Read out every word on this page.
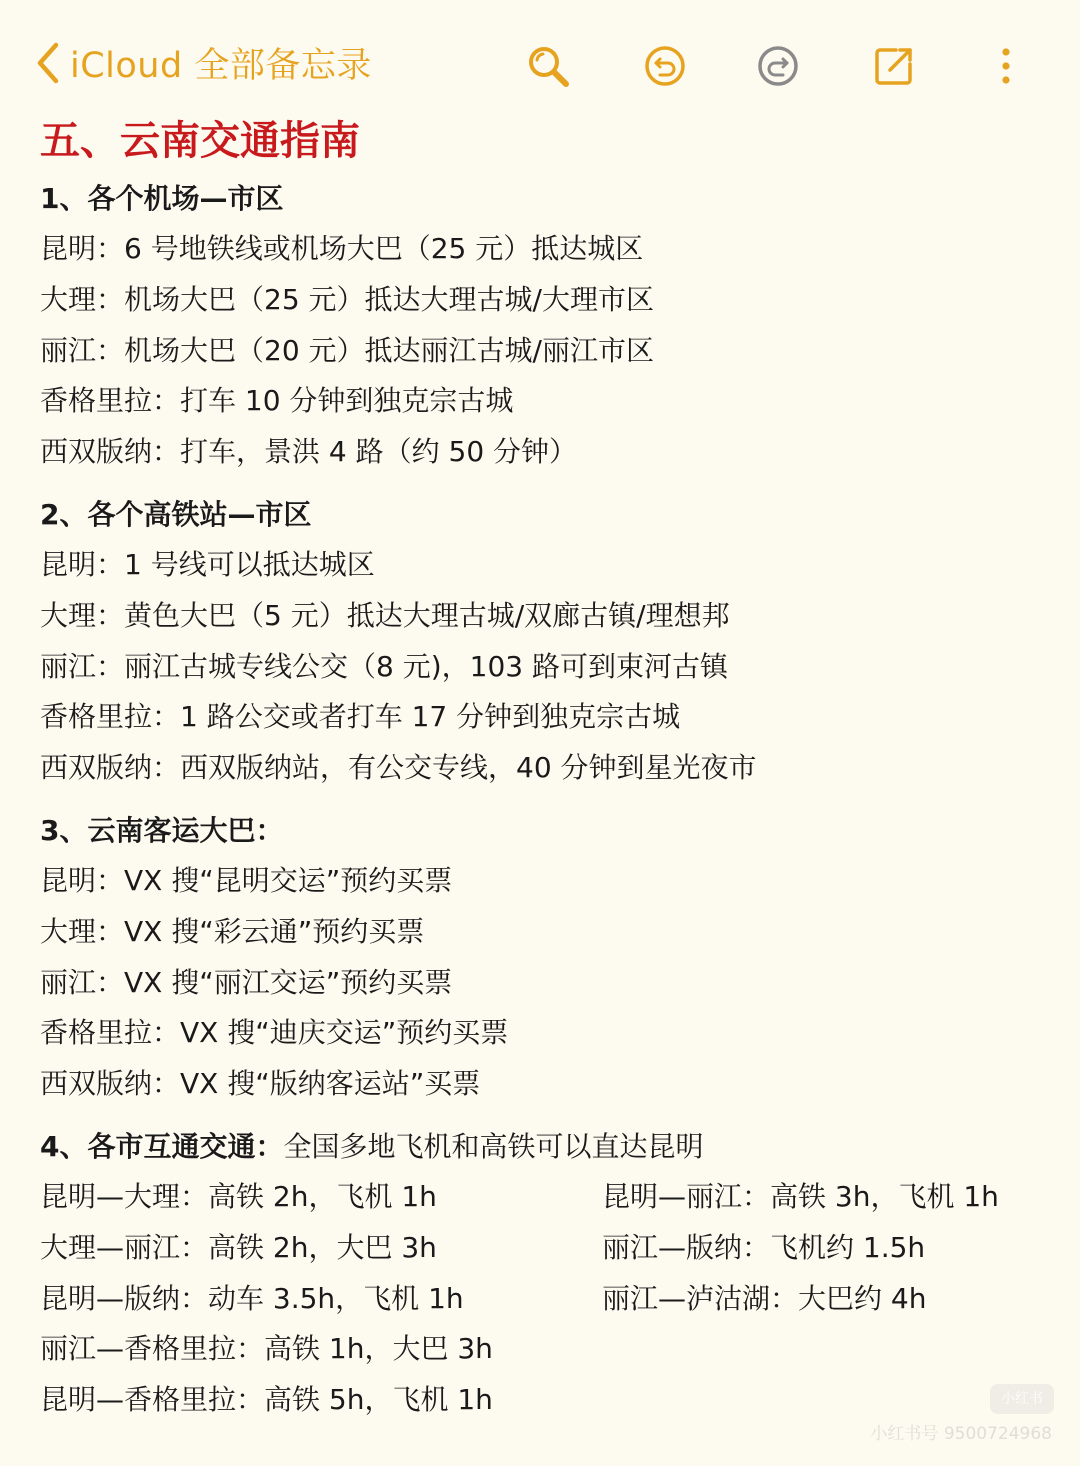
iCloud 全部备忘录
五、云南交通指南
1、各个机场—市区
昆明：6 号地铁线或机场大巴（25 元）抵达城区
大理：机场大巴（25 元）抵达大理古城/大理市区
丽江：机场大巴（20 元）抵达丽江古城/丽江市区
香格里拉：打车 10 分钟到独克宗古城
西双版纳：打车，景洪 4 路（约 50 分钟）
2、各个高铁站—市区
昆明：1 号线可以抵达城区
大理：黄色大巴（5 元）抵达大理古城/双廊古镇/理想邦
丽江：丽江古城专线公交（8 元)，103 路可到束河古镇
香格里拉：1 路公交或者打车 17 分钟到独克宗古城
西双版纳：西双版纳站，有公交专线，40 分钟到星光夜市
3、云南客运大巴：
昆明：VX 搜“昆明交运”预约买票
大理：VX 搜“彩云通”预约买票
丽江：VX 搜“丽江交运”预约买票
香格里拉：VX 搜“迪庆交运”预约买票
西双版纳：VX 搜“版纳客运站”买票
4、各市互通交通：全国多地飞机和高铁可以直达昆明
昆明—大理：高铁 2h，飞机 1h
大理—丽江：高铁 2h，大巴 3h
昆明—版纳：动车 3.5h，飞机 1h
昆明—丽江：高铁 3h，飞机 1h
丽江—版纳：飞机约 1.5h
丽江—泸沽湖：大巴约 4h
丽江—香格里拉：高铁 1h，大巴 3h
昆明—香格里拉：高铁 5h，飞机 1h	小红书
小红书号 9500724968
